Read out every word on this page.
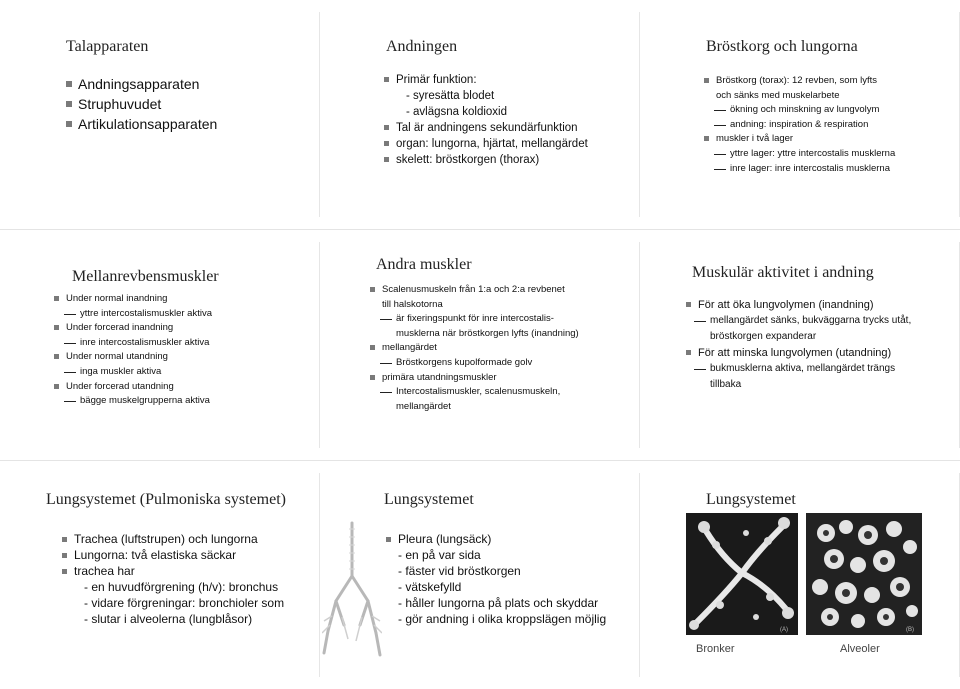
Talapparaten
Andningsapparaten
Struphuvudet
Artikulationsapparaten
Andningen
Primär funktion:
- syresätta blodet
- avlägsna koldioxid
Tal är andningens sekundärfunktion
organ: lungorna, hjärtat, mellangärdet
skelett: bröstkorgen (thorax)
Bröstkorg och lungorna
Bröstkorg (torax): 12 revben, som lyfts
och sänks med muskelarbete
ökning och minskning av lungvolym
andning: inspiration & respiration
muskler i två lager
yttre lager: yttre intercostalis musklerna
inre lager: inre intercostalis musklerna
Mellanrevbensmuskler
Under normal inandning
yttre intercostalismuskler aktiva
Under forcerad inandning
inre intercostalismuskler aktiva
Under normal utandning
inga muskler aktiva
Under forcerad utandning
bägge muskelgrupperna aktiva
Andra muskler
Scalenusmuskeln från 1:a och 2:a revbenet
till halskotorna
är fixeringspunkt för inre intercostalis-
musklerna när bröstkorgen lyfts (inandning)
mellangärdet
Bröstkorgens kupolformade golv
primära utandningsmuskler
Intercostalismuskler, scalenusmuskeln,
mellangärdet
Muskulär aktivitet i andning
För att öka lungvolymen (inandning)
mellangärdet sänks, bukväggarna trycks utåt,
bröstkorgen expanderar
För att minska lungvolymen (utandning)
bukmusklerna aktiva, mellangärdet trängs
tillbaka
Lungsystemet (Pulmoniska systemet)
Trachea (luftstrupen) och lungorna
Lungorna: två elastiska säckar
trachea har
- en huvudförgrening (h/v): bronchus
- vidare förgreningar: bronchioler som
- slutar i alveolerna (lungblåsor)
Lungsystemet
Pleura (lungsäck)
- en på var sida
- fäster vid bröstkorgen
- vätskefylld
- håller lungorna på plats och skyddar
- gör andning i olika kroppslägen möjlig
Lungsystemet
(A)	(B)
Bronker	Alveoler
